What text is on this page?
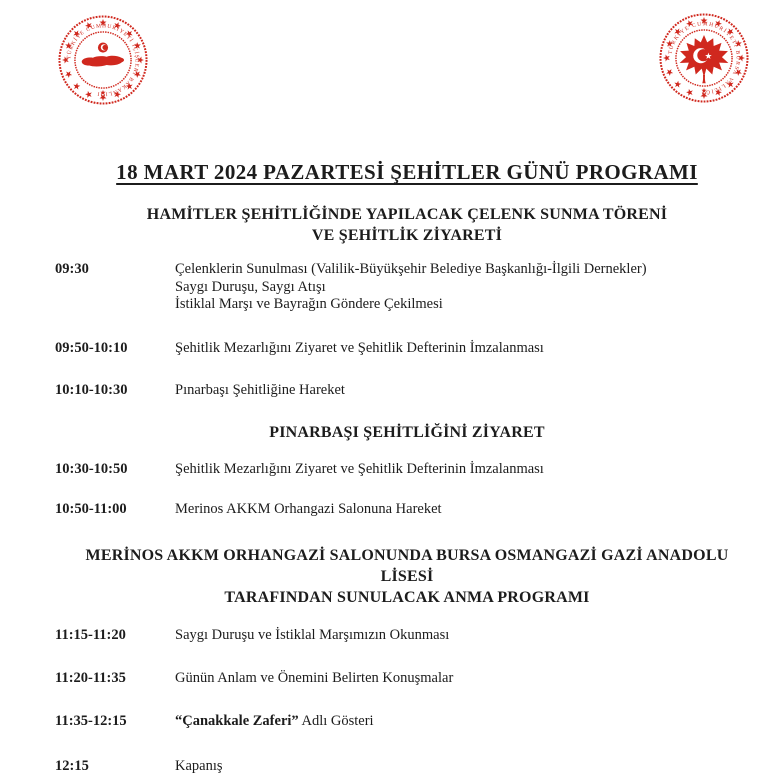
TÜRKİYE CUMHURİYETİ İÇİŞLERİ BAKANLIĞI
TÜRKİYE CUMHURİYETİ BURSA VALİLİĞİ
18 MART 2024 PAZARTESİ ŞEHİTLER GÜNÜ PROGRAMI
HAMİTLER ŞEHİTLİĞİNDE YAPILACAK ÇELENK SUNMA TÖRENİ
VE ŞEHİTLİK ZİYARETİ
09:30	Çelenklerin Sunulması (Valilik-Büyükşehir Belediye Başkanlığı-İlgili Dernekler)
Saygı Duruşu, Saygı Atışı
İstiklal Marşı ve Bayrağın Göndere Çekilmesi
09:50-10:10	Şehitlik Mezarlığını Ziyaret ve Şehitlik Defterinin İmzalanması
10:10-10:30	Pınarbaşı Şehitliğine Hareket
PINARBAŞI ŞEHİTLİĞİNİ ZİYARET
10:30-10:50	Şehitlik Mezarlığını Ziyaret ve Şehitlik Defterinin İmzalanması
10:50-11:00	Merinos AKKM Orhangazi Salonuna Hareket
MERİNOS AKKM ORHANGAZİ SALONUNDA BURSA OSMANGAZİ GAZİ ANADOLU
LİSESİ
TARAFINDAN SUNULACAK ANMA PROGRAMI
11:15-11:20	Saygı Duruşu ve İstiklal Marşımızın Okunması
11:20-11:35	Günün Anlam ve Önemini Belirten Konuşmalar
11:35-12:15	“Çanakkale Zaferi” Adlı Gösteri
12:15	Kapanış
